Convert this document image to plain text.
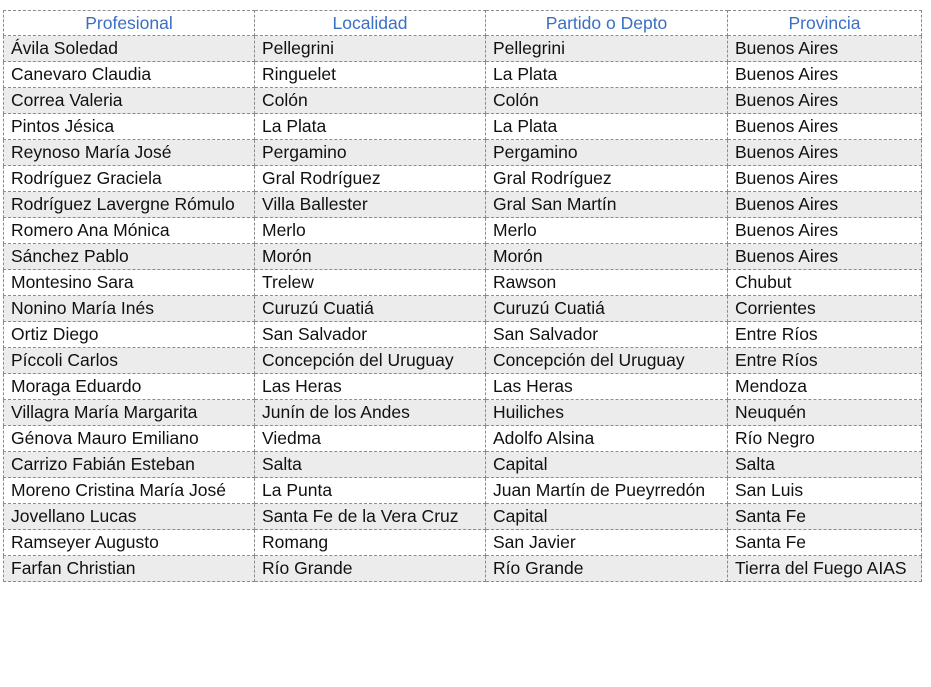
Profesional	Localidad	Partido o Depto	Provincia
Ávila Soledad	Pellegrini	Pellegrini	Buenos Aires
Canevaro Claudia	Ringuelet	La Plata	Buenos Aires
Correa Valeria	Colón	Colón	Buenos Aires
Pintos Jésica	La Plata	La Plata	Buenos Aires
Reynoso María José	Pergamino	Pergamino	Buenos Aires
Rodríguez Graciela	Gral Rodríguez	Gral Rodríguez	Buenos Aires
Rodríguez Lavergne Rómulo	Villa Ballester	Gral San Martín	Buenos Aires
Romero Ana Mónica	Merlo	Merlo	Buenos Aires
Sánchez Pablo	Morón	Morón	Buenos Aires
Montesino Sara	Trelew	Rawson	Chubut
Nonino María Inés	Curuzú Cuatiá	Curuzú Cuatiá	Corrientes
Ortiz Diego	San Salvador	San Salvador	Entre Ríos
Píccoli Carlos	Concepción del Uruguay	Concepción del Uruguay	Entre Ríos
Moraga Eduardo	Las Heras	Las Heras	Mendoza
Villagra María Margarita	Junín de los Andes	Huiliches	Neuquén
Génova Mauro Emiliano	Viedma	Adolfo Alsina	Río Negro
Carrizo Fabián Esteban	Salta	Capital	Salta
Moreno Cristina María José	La Punta	Juan Martín de Pueyrredón	San Luis
Jovellano Lucas	Santa Fe de la Vera Cruz	Capital	Santa Fe
Ramseyer Augusto	Romang	San Javier	Santa Fe
Farfan Christian	Río Grande	Río Grande	Tierra del Fuego AIAS
